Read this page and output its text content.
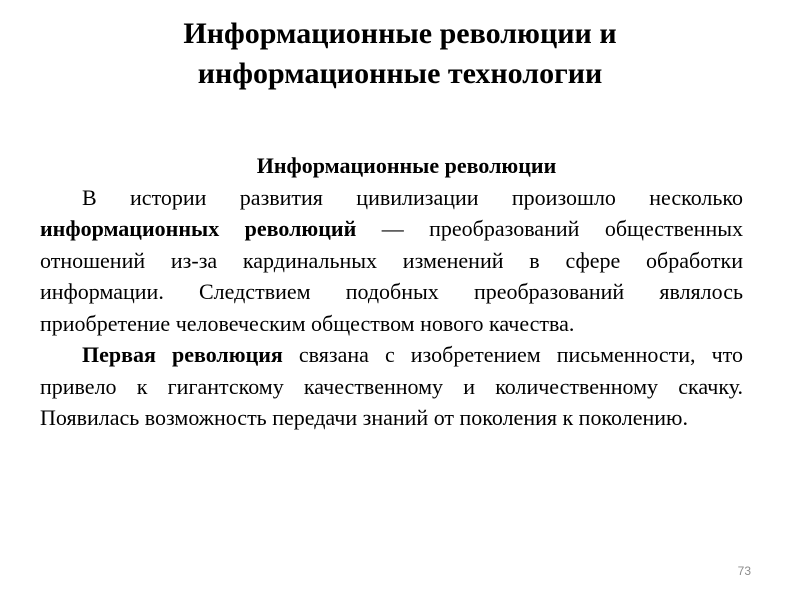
Информационные революции и
информационные технологии

Информационные революции

В истории развития цивилизации произошло несколько информационных революций — преобразований общественных отношений из-за кардинальных изменений в сфере обработки информации. Следствием подобных преобразований являлось приобретение человеческим обществом нового качества.

Первая революция связана с изобретением письменности, что привело к гигантскому качественному и количественному скачку. Появилась возможность передачи знаний от поколения к поколению.

73
